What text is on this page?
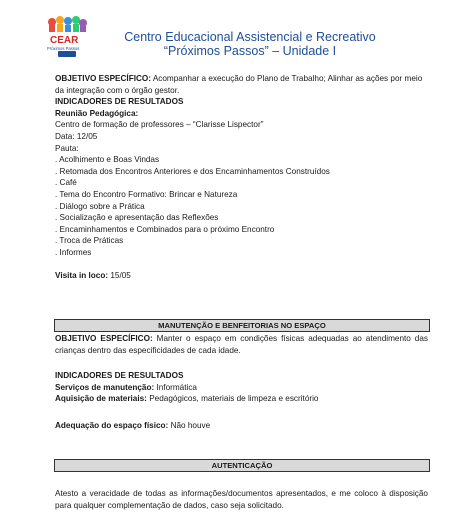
CEAR
Próximos Passos
Centro Educacional Assistencial e Recreativo
“Próximos Passos” – Unidade I

OBJETIVO ESPECÍFICO: Acompanhar a execução do Plano de Trabalho; Alinhar as ações por meio da integração com o órgão gestor.

INDICADORES DE RESULTADOS

Reunião Pedagógica:

Centro de formação de professores – “Clarisse Lispector”

Data: 12/05

Pauta:

. Acolhimento e Boas Vindas

. Retomada dos Encontros Anteriores e dos Encaminhamentos Construídos

. Café

. Tema do Encontro Formativo: Brincar e Natureza

. Diálogo sobre a Prática

. Socialização e apresentação das Reflexões

. Encaminhamentos e Combinados para o próximo Encontro

. Troca de Práticas

. Informes

Visita in loco: 15/05

MANUTENÇÃO E BENFEITORIAS NO ESPAÇO
OBJETIVO ESPECÍFICO: Manter o espaço em condições físicas adequadas ao atendimento das crianças dentro das especificidades de cada idade.

INDICADORES DE RESULTADOS

Serviços de manutenção: Informática

Aquisição de materiais: Pedagógicos, materiais de limpeza e escritório

Adequação do espaço físico: Não houve
AUTENTICAÇÃO
Atesto a veracidade de todas as informações/documentos apresentados, e me coloco à disposição para qualquer complementação de dados, caso seja solicitado.
